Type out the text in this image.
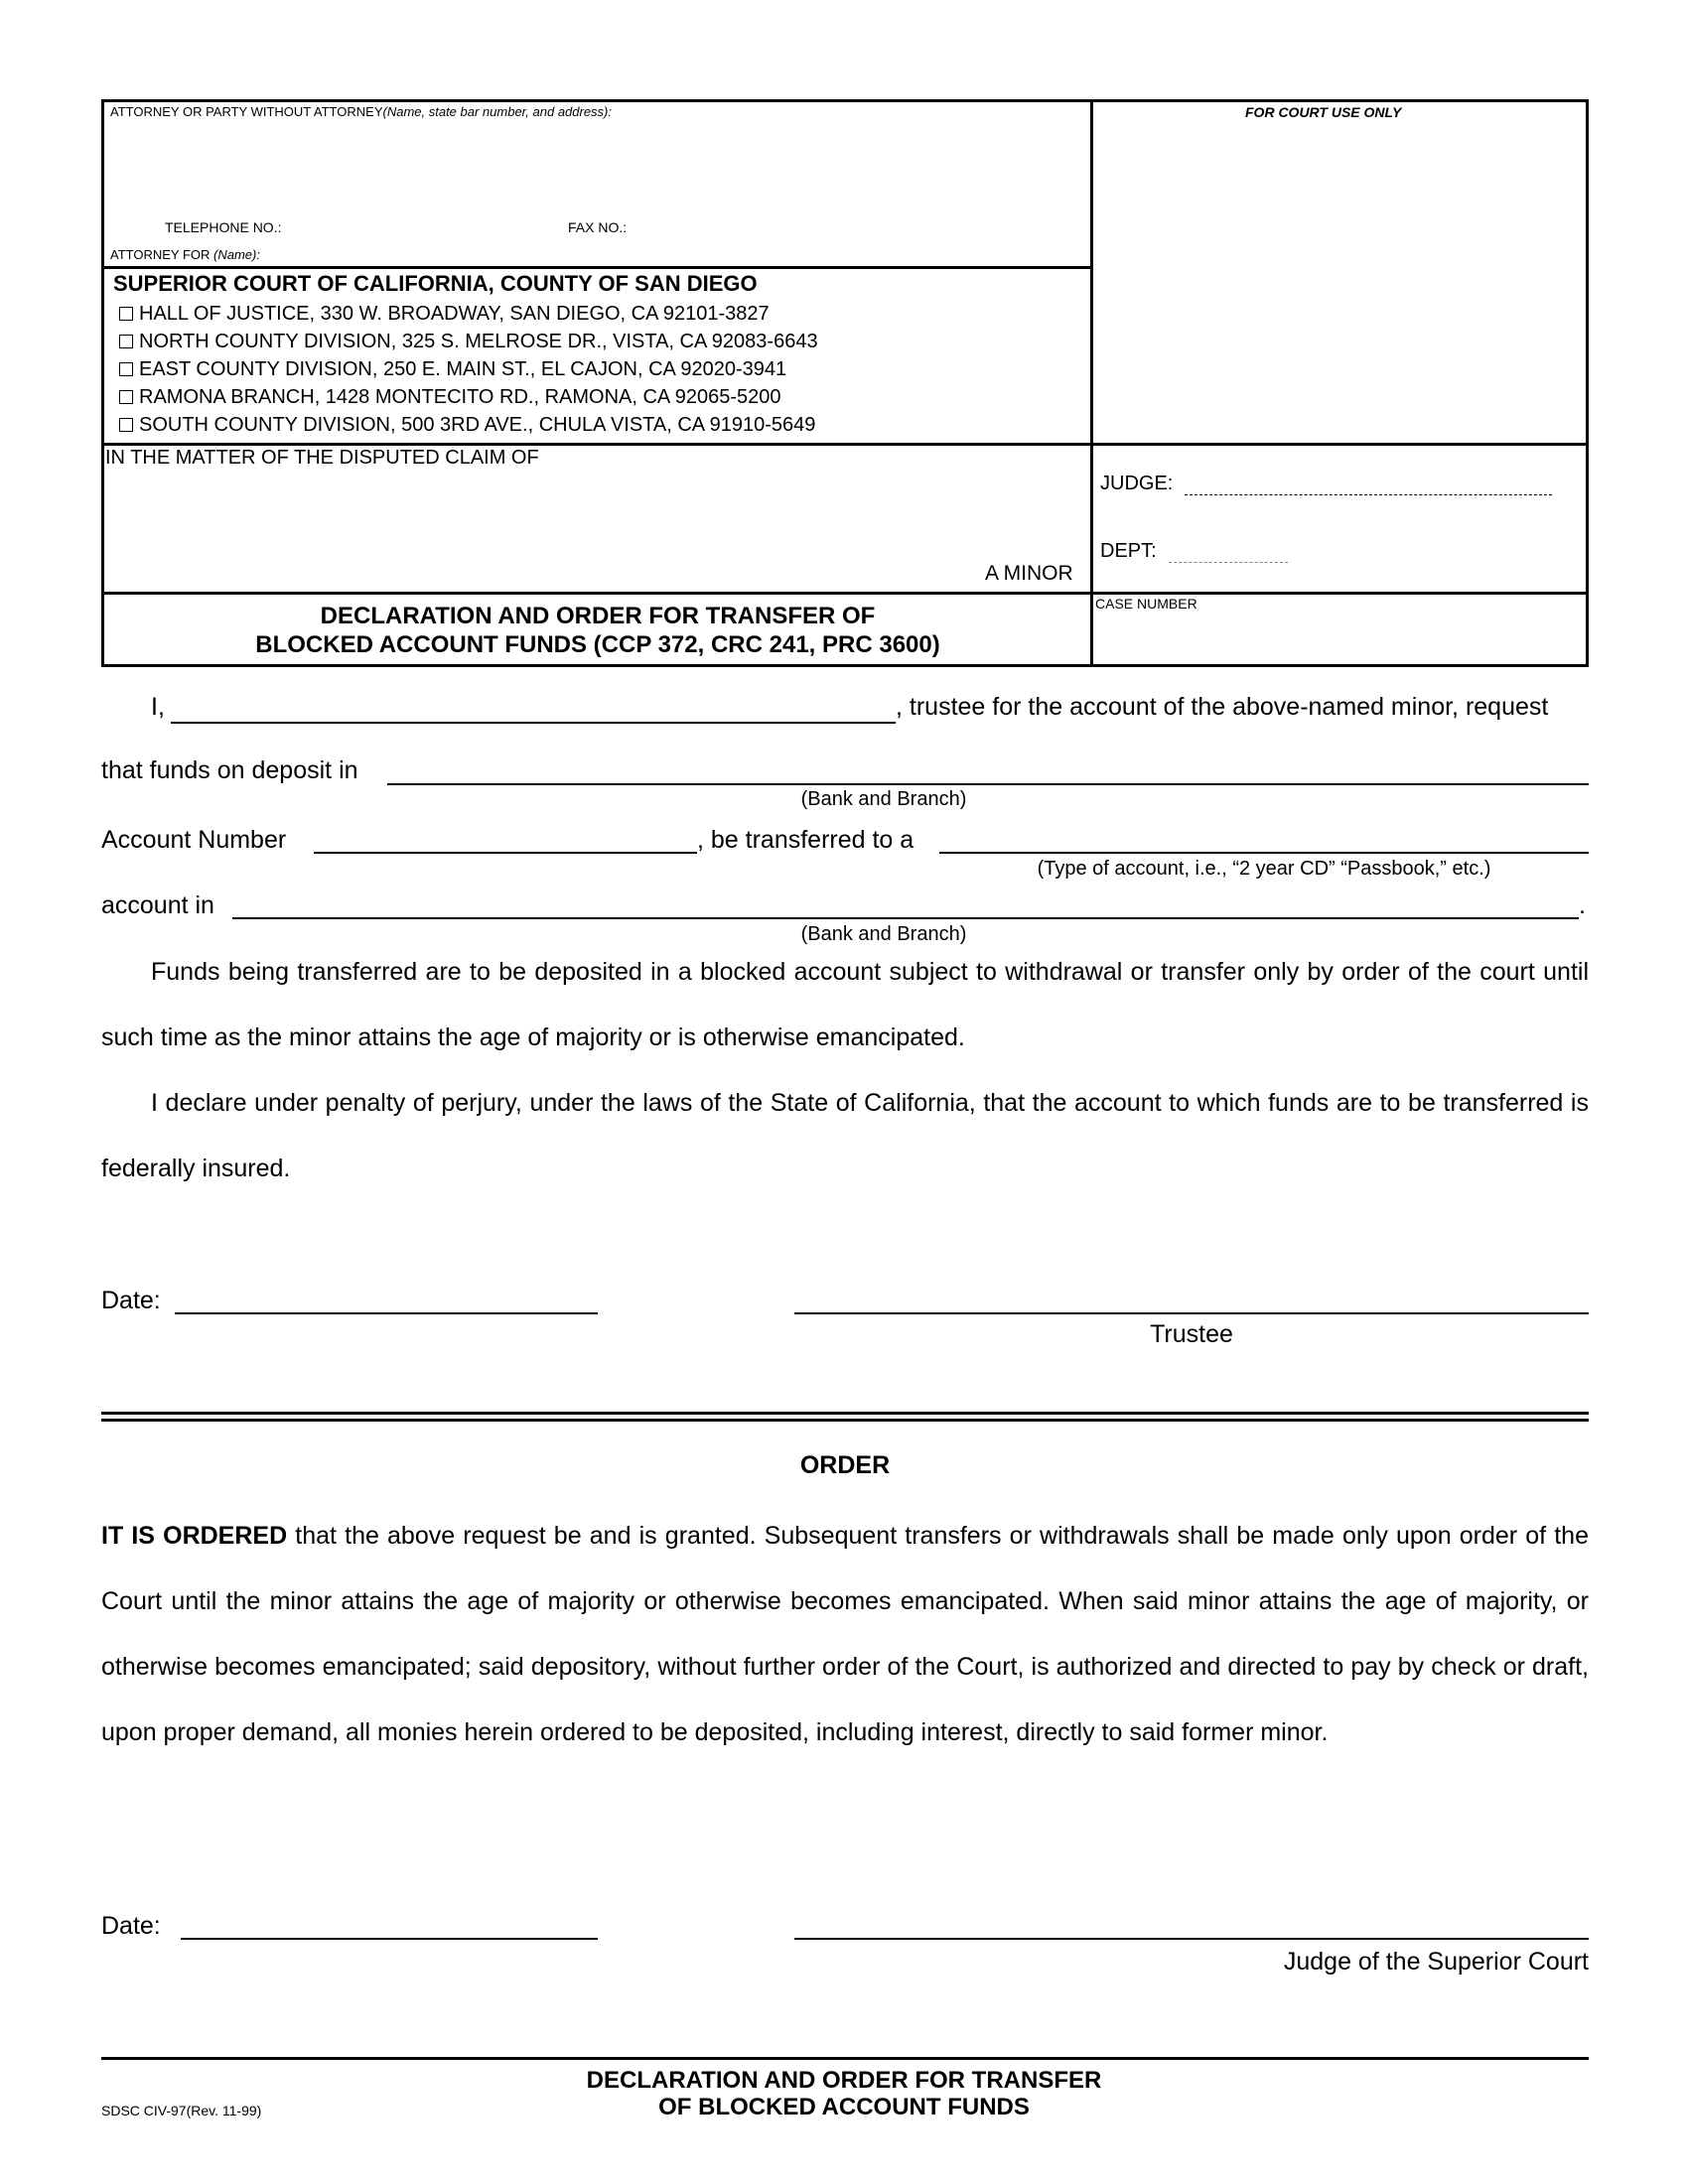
ATTORNEY OR PARTY WITHOUT ATTORNEY(Name, state bar number, and address):	FOR COURT USE ONLY
TELEPHONE NO.:	FAX NO.:
ATTORNEY FOR (Name):
SUPERIOR COURT OF CALIFORNIA, COUNTY OF SAN DIEGO
HALL OF JUSTICE, 330 W. BROADWAY, SAN DIEGO, CA 92101-3827
NORTH COUNTY DIVISION, 325 S. MELROSE DR., VISTA, CA 92083-6643
EAST COUNTY DIVISION, 250 E. MAIN ST., EL CAJON, CA 92020-3941
RAMONA BRANCH, 1428 MONTECITO RD., RAMONA, CA 92065-5200
SOUTH COUNTY DIVISION, 500 3RD AVE., CHULA VISTA, CA 91910-5649
IN THE MATTER OF THE DISPUTED CLAIM OF
A MINOR
JUDGE:
DEPT:
CASE NUMBER
DECLARATION AND ORDER FOR TRANSFER OF
BLOCKED ACCOUNT FUNDS (CCP 372, CRC 241, PRC 3600)
I,	, trustee for the account of the above-named minor, request
that funds on deposit in
(Bank and Branch)
Account Number	, be transferred to a
(Type of account, i.e., “2 year CD” “Passbook,” etc.)
account in	.
(Bank and Branch)
Funds being transferred are to be deposited in a blocked account subject to withdrawal or transfer only by order of the court until such time as the minor attains the age of majority or is otherwise emancipated.
I declare under penalty of perjury, under the laws of the State of California, that the account to which funds are to be transferred is federally insured.
Date:
Trustee
ORDER
IT IS ORDERED that the above request be and is granted. Subsequent transfers or withdrawals shall be made only upon order of the Court until the minor attains the age of majority or otherwise becomes emancipated. When said minor attains the age of majority, or otherwise becomes emancipated; said depository, without further order of the Court, is authorized and directed to pay by check or draft, upon proper demand, all monies herein ordered to be deposited, including interest, directly to said former minor.
Date:
Judge of the Superior Court
SDSC CIV-97(Rev. 11-99)
DECLARATION AND ORDER FOR TRANSFER
OF BLOCKED ACCOUNT FUNDS
